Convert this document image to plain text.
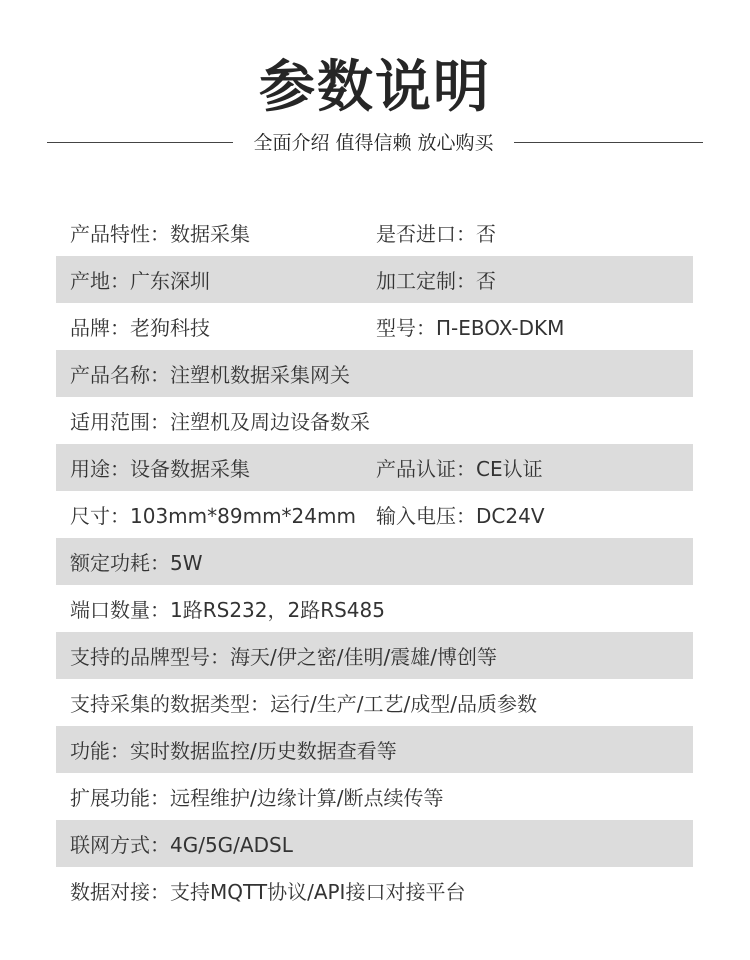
参数说明
全面介绍 值得信赖 放心购买
产品特性：数据采集	是否进口：否
产地：广东深圳	加工定制：否
品牌：老狗科技	型号：Π-EBOX-DKM
产品名称：注塑机数据采集网关
适用范围：注塑机及周边设备数采
用途：设备数据采集	产品认证：CE认证
尺寸：103mm*89mm*24mm	输入电压：DC24V
额定功耗：5W
端口数量：1路RS232，2路RS485
支持的品牌型号：海天/伊之密/佳明/震雄/博创等
支持采集的数据类型：运行/生产/工艺/成型/品质参数
功能：实时数据监控/历史数据查看等
扩展功能：远程维护/边缘计算/断点续传等
联网方式：4G/5G/ADSL
数据对接：支持MQTT协议/API接口对接平台
